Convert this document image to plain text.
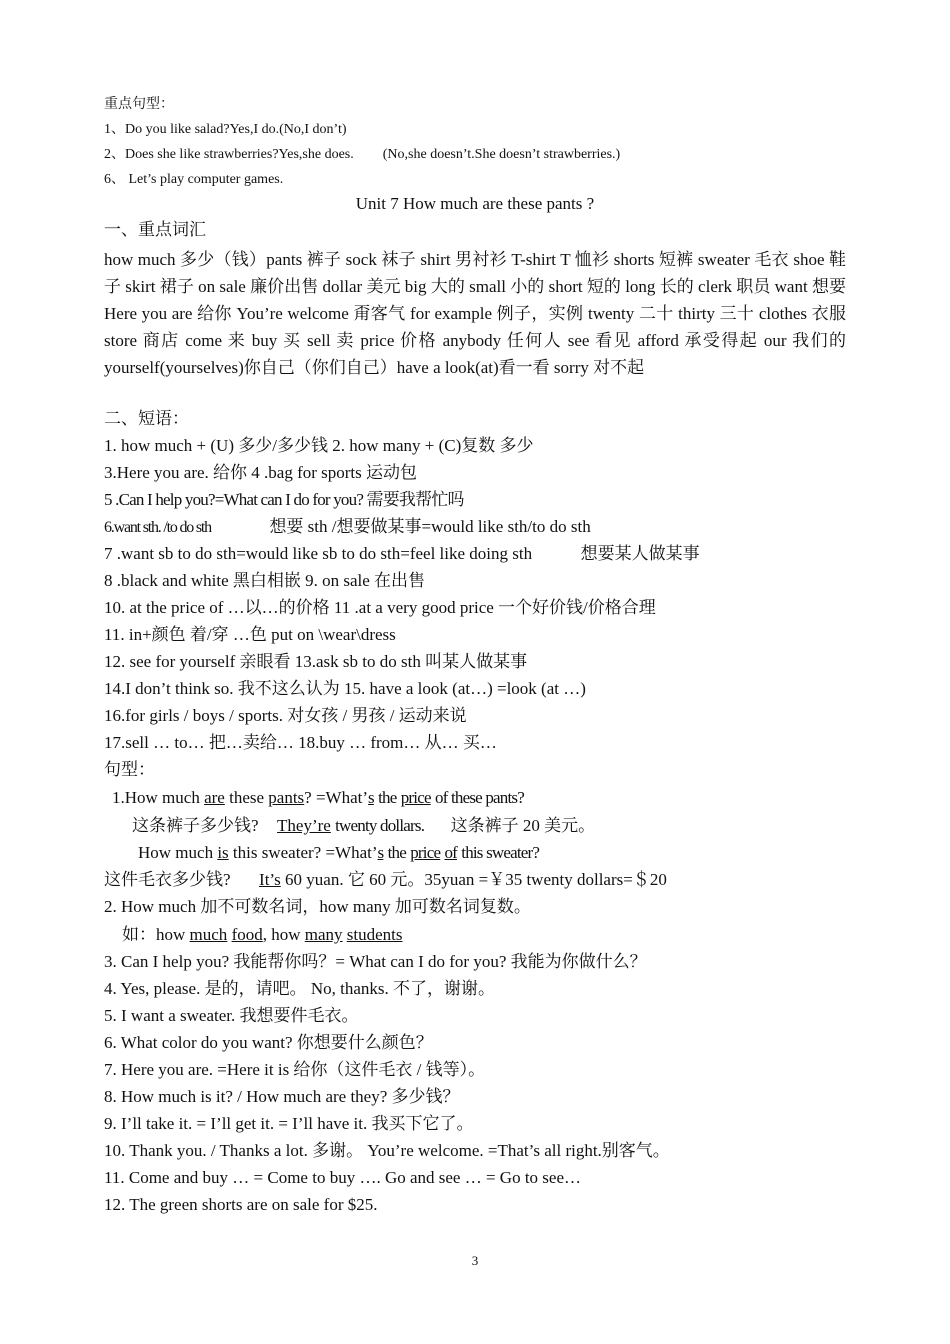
重点句型：
1、Do you like salad?Yes,I do.(No,I don’t)
2、Does she like strawberries?Yes,she does. (No,she doesn’t.She doesn’t strawberries.)
6、 Let’s play computer games.
Unit 7 How much are these pants ?
一、重点词汇
how much 多少（钱）pants 裤子 sock 袜子 shirt 男衬衫 T-shirt T 恤衫 shorts 短裤 sweater 毛衣 shoe 鞋子 skirt 裙子 on sale 廉价出售 dollar 美元 big 大的 small 小的 short 短的 long 长的 clerk 职员 want 想要 Here you are 给你 You’re welcome 甭客气 for example 例子，实例 twenty 二十 thirty 三十 clothes 衣服 store 商店 come 来 buy 买 sell 卖 price 价格 anybody 任何人 see 看见 afford 承受得起 our 我们的 yourself(yourselves)你自己（你们自己）have a look(at)看一看 sorry 对不起
二、短语：
1. how much + (U) 多少/多少钱 2. how many + (C)复数 多少
3.Here you are. 给你 4 .bag for sports 运动包
5 .Can I help you?=What can I do for you? 需要我帮忙吗
6.want sth. /to do sth	想要 sth /想要做某事=would like sth/to do sth
7 .want sb to do sth=would like sb to do sth=feel like doing sth	想要某人做某事
8 .black and white 黑白相嵌 9. on sale 在出售
10. at the price of …以…的价格 11 .at a very good price 一个好价钱/价格合理
11. in+颜色 着/穿 …色 put on \wear\dress
12. see for yourself 亲眼看 13.ask sb to do sth 叫某人做某事
14.I don’t think so. 我不这么认为 15. have a look (at…) =look (at …)
16.for girls / boys / sports. 对女孩 / 男孩 / 运动来说
17.sell … to… 把…卖给… 18.buy … from… 从… 买…
句型：
1.How much are these pants? =What’s the price of these pants?
这条裤子多少钱? They’re twenty dollars. 这条裤子 20 美元。
How much is this sweater? =What’s the price of this sweater?
这件毛衣多少钱? It’s 60 yuan. 它 60 元。35yuan =￥35 twenty dollars=＄20
2. How much 加不可数名词，how many 加可数名词复数。
如：how much food, how many students
3. Can I help you? 我能帮你吗？= What can I do for you? 我能为你做什么？
4. Yes, please. 是的，请吧。 No, thanks. 不了，谢谢。
5. I want a sweater. 我想要件毛衣。
6. What color do you want? 你想要什么颜色？
7. Here you are. =Here it is 给你（这件毛衣 / 钱等）。
8. How much is it? / How much are they? 多少钱？
9. I’ll take it. = I’ll get it. = I’ll have it. 我买下它了。
10. Thank you. / Thanks a lot. 多谢。 You’re welcome. =That’s all right.别客气。
11. Come and buy … = Come to buy …. Go and see … = Go to see…
12. The green shorts are on sale for $25.
3
